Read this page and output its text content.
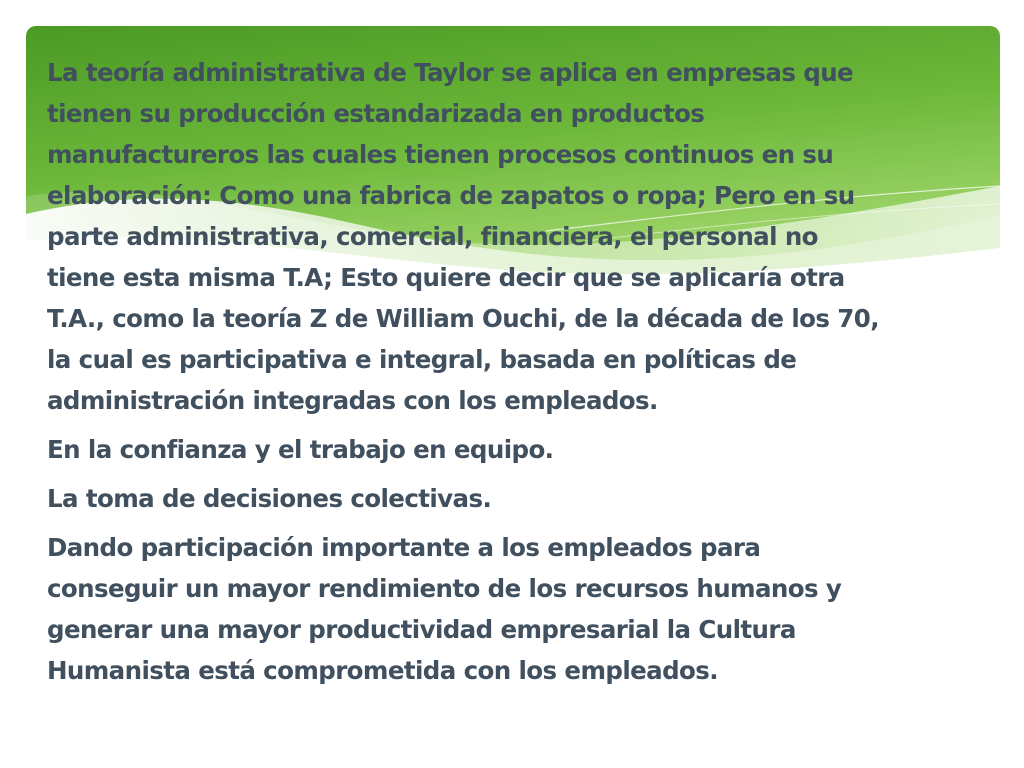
La teoría administrativa de Taylor se aplica en empresas que
tienen su producción estandarizada en productos
manufactureros las cuales tienen procesos continuos en su
elaboración: Como una fabrica de zapatos o ropa; Pero en su
parte administrativa, comercial, financiera, el personal no
tiene esta misma T.A; Esto quiere decir que se aplicaría otra
T.A., como la teoría Z de William Ouchi, de la década de los 70,
la cual es participativa e integral, basada en políticas de
administración integradas con los empleados.

En la confianza y el trabajo en equipo.

La toma de decisiones colectivas.

Dando participación importante a los empleados para
conseguir un mayor rendimiento de los recursos humanos y
generar una mayor productividad empresarial la Cultura
Humanista está comprometida con los empleados.
